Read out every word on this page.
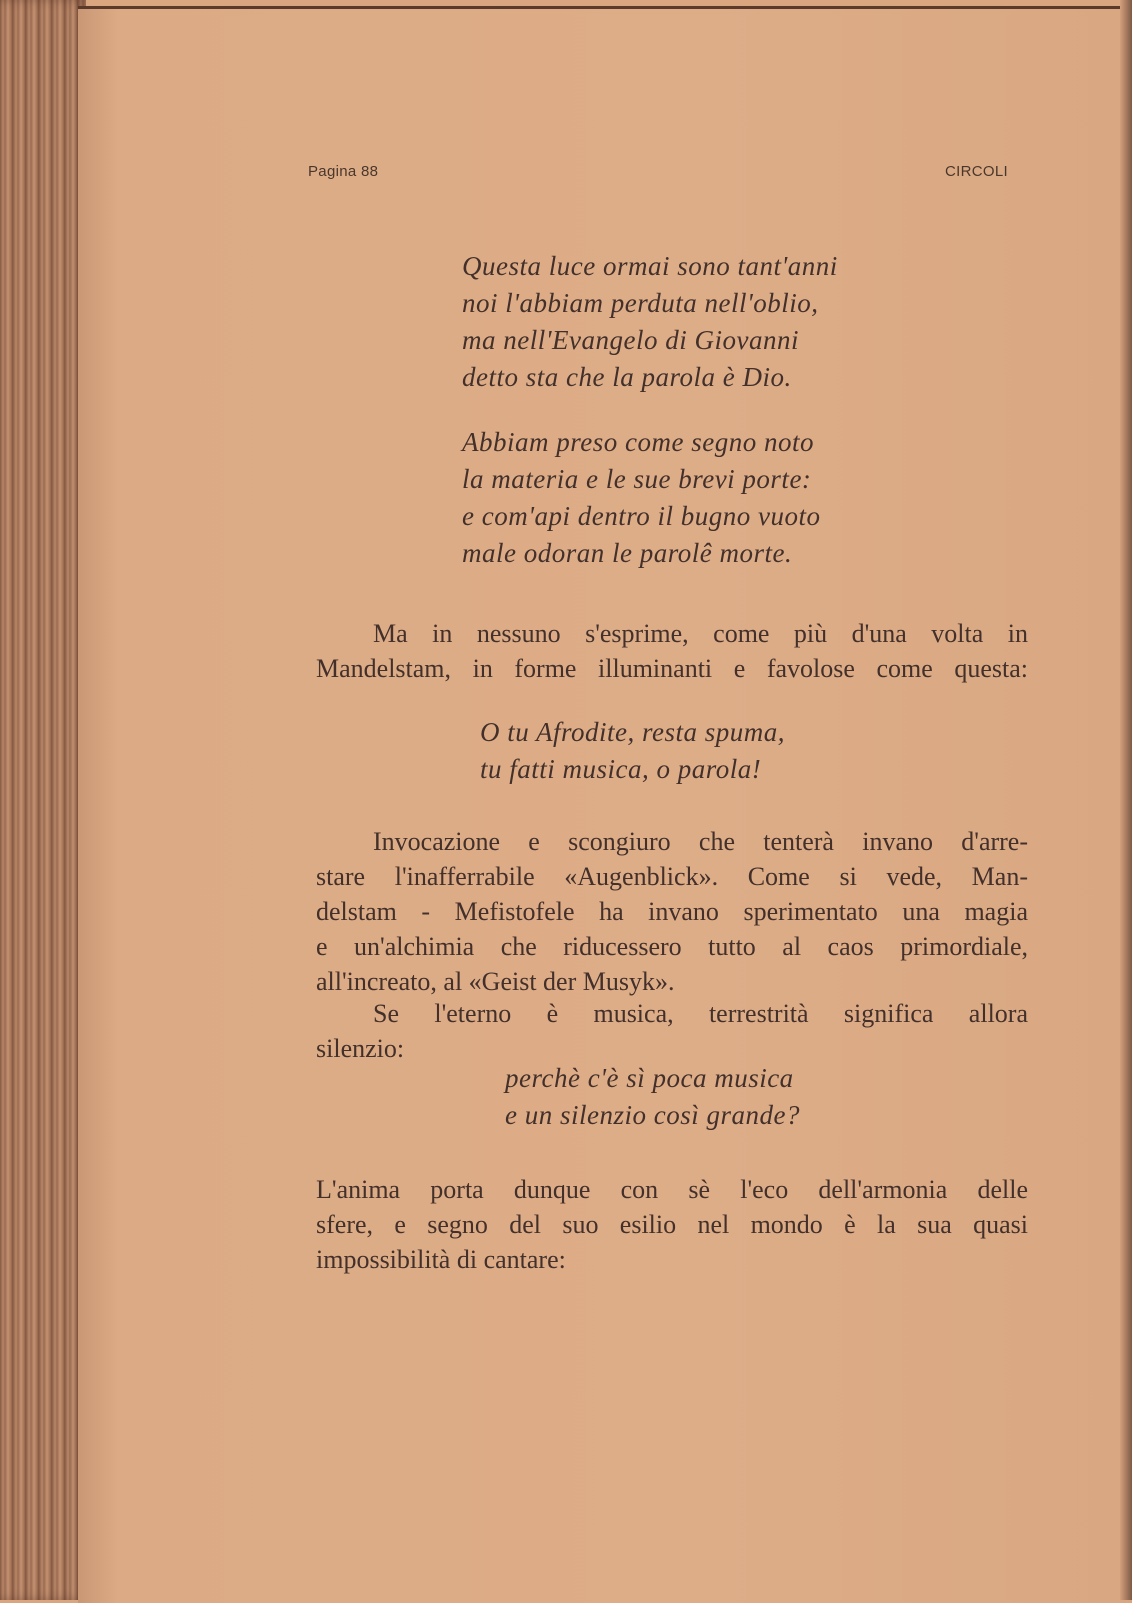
Pagina 88	CIRCOLI
Questa luce ormai sono tant'anni
noi l'abbiam perduta nell'oblio,
ma nell'Evangelo di Giovanni
detto sta che la parola è Dio.
Abbiam preso come segno noto
la materia e le sue brevi porte:
e com'api dentro il bugno vuoto
male odoran le parolê morte.
Ma in nessuno s'esprime, come più d'una volta in
Mandelstam, in forme illuminanti e favolose come questa:
O tu Afrodite, resta spuma,
tu fatti musica, o parola!
Invocazione e scongiuro che tenterà invano d'arre-
stare l'inafferrabile «Augenblick». Come si vede, Man-
delstam - Mefistofele ha invano sperimentato una magia
e un'alchimia che riducessero tutto al caos primordiale,
all'increato, al «Geist der Musyk».
Se l'eterno è musica, terrestrità significa allora
silenzio:
perchè c'è sì poca musica
e un silenzio così grande?
L'anima porta dunque con sè l'eco dell'armonia delle
sfere, e segno del suo esilio nel mondo è la sua quasi
impossibilità di cantare:
